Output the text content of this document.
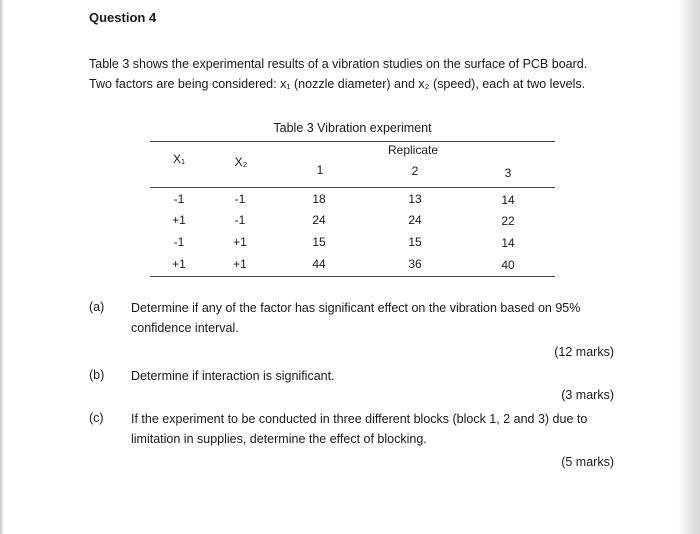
Question 4
Table 3 shows the experimental results of a vibration studies on the surface of PCB board.
Two factors are being considered: x₁ (nozzle diameter) and x₂ (speed), each at two levels.
Table 3 Vibration experiment
X₁	X₂
Replicate
1	2	3
-1	-1	18	13	14
+1	-1	24	24	22
-1	+1	15	15	14
+1	+1	44	36	40
(a) Determine if any of the factor has significant effect on the vibration based on 95%
confidence interval.
(12 marks)
(b) Determine if interaction is significant.
(3 marks)
(c) If the experiment to be conducted in three different blocks (block 1, 2 and 3) due to
limitation in supplies, determine the effect of blocking.
(5 marks)
